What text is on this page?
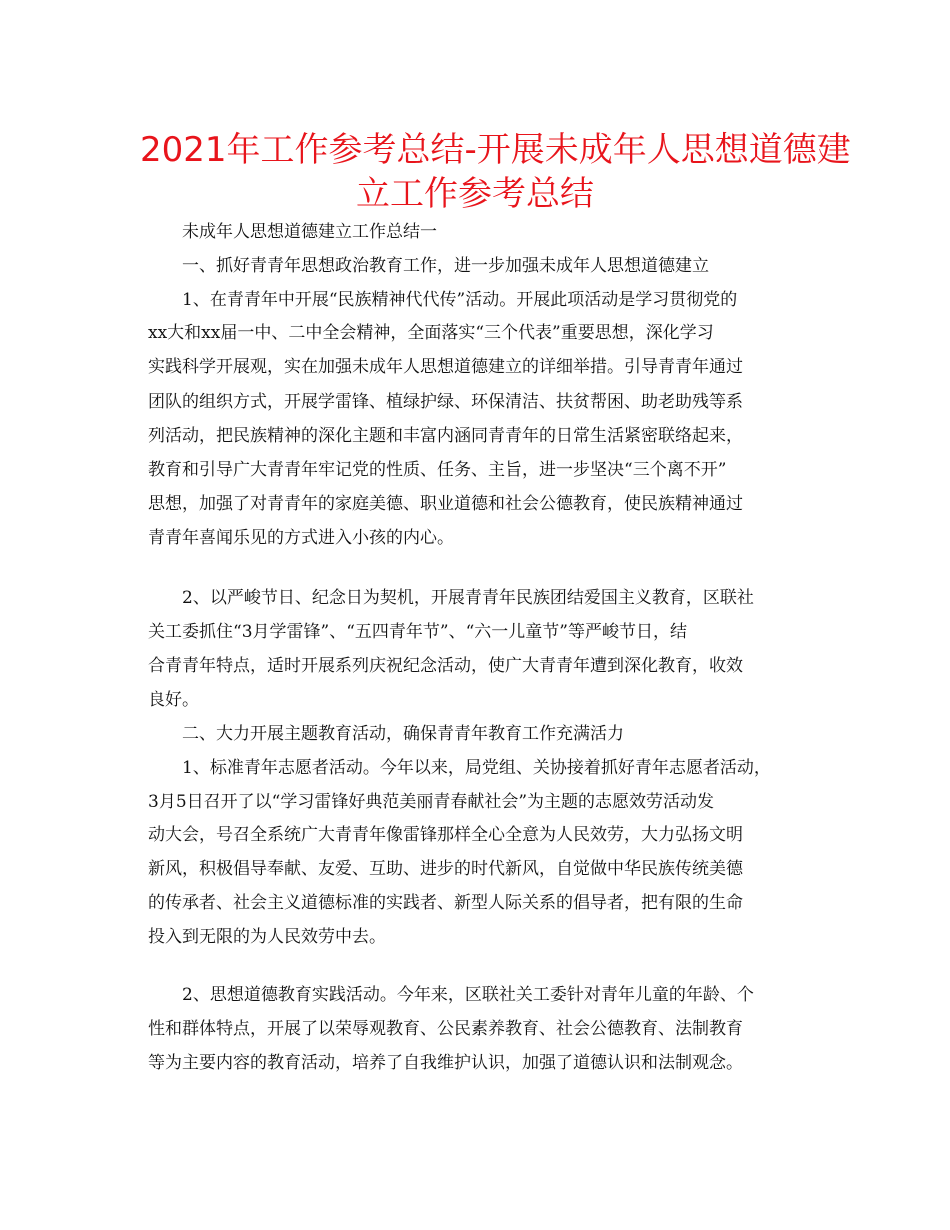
2021年工作参考总结-开展未成年人思想道德建
立工作参考总结
未成年人思想道德建立工作总结一
一、抓好青青年思想政治教育工作，进一步加强未成年人思想道德建立
1、在青青年中开展“民族精神代代传”活动。开展此项活动是学习贯彻党的
xx大和xx届一中、二中全会精神，全面落实“三个代表”重要思想，深化学习
实践科学开展观，实在加强未成年人思想道德建立的详细举措。引导青青年通过
团队的组织方式，开展学雷锋、植绿护绿、环保清洁、扶贫帮困、助老助残等系
列活动，把民族精神的深化主题和丰富内涵同青青年的日常生活紧密联络起来，
教育和引导广大青青年牢记党的性质、任务、主旨，进一步坚决“三个离不开”
思想，加强了对青青年的家庭美德、职业道德和社会公德教育，使民族精神通过
青青年喜闻乐见的方式进入小孩的内心。
2、以严峻节日、纪念日为契机，开展青青年民族团结爱国主义教育，区联社
关工委抓住“3月学雷锋”、“五四青年节”、“六一儿童节”等严峻节日，结
合青青年特点，适时开展系列庆祝纪念活动，使广大青青年遭到深化教育，收效
良好。
二、大力开展主题教育活动，确保青青年教育工作充满活力
1、标准青年志愿者活动。今年以来，局党组、关协接着抓好青年志愿者活动，
3月5日召开了以“学习雷锋好典范美丽青春献社会”为主题的志愿效劳活动发
动大会，号召全系统广大青青年像雷锋那样全心全意为人民效劳，大力弘扬文明
新风，积极倡导奉献、友爱、互助、进步的时代新风，自觉做中华民族传统美德
的传承者、社会主义道德标准的实践者、新型人际关系的倡导者，把有限的生命
投入到无限的为人民效劳中去。
2、思想道德教育实践活动。今年来，区联社关工委针对青年儿童的年龄、个
性和群体特点，开展了以荣辱观教育、公民素养教育、社会公德教育、法制教育
等为主要内容的教育活动，培养了自我维护认识，加强了道德认识和法制观念。
